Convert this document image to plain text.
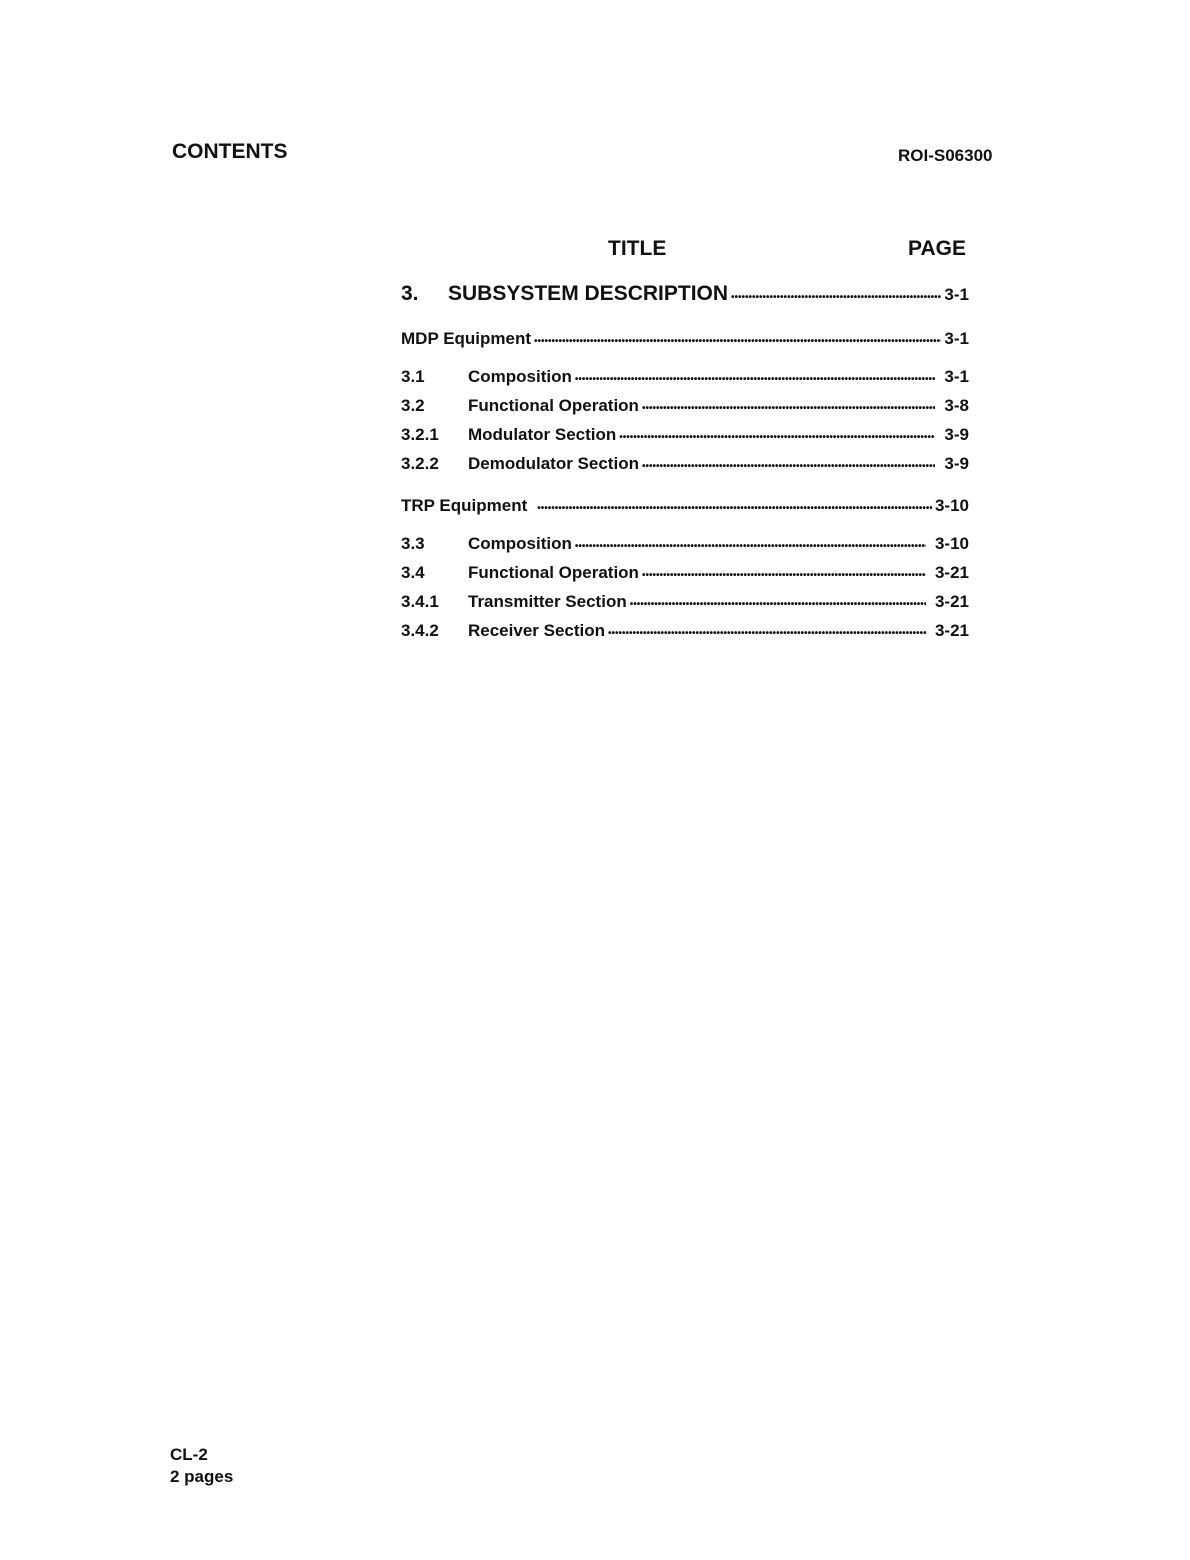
CONTENTS	ROI-S06300
TITLE	PAGE
3.	SUBSYSTEM DESCRIPTION •••••	3-1
MDP Equipment •••••	3-1
3.1	Composition •••••	3-1
3.2	Functional Operation •••••	3-8
3.2.1	Modulator Section •••••	3-9
3.2.2	Demodulator Section •••••	3-9
TRP Equipment •••••	3-10
3.3	Composition •••••	3-10
3.4	Functional Operation •••••	3-21
3.4.1	Transmitter Section •••••	3-21
3.4.2	Receiver Section •••••	3-21
CL-2
2 pages
